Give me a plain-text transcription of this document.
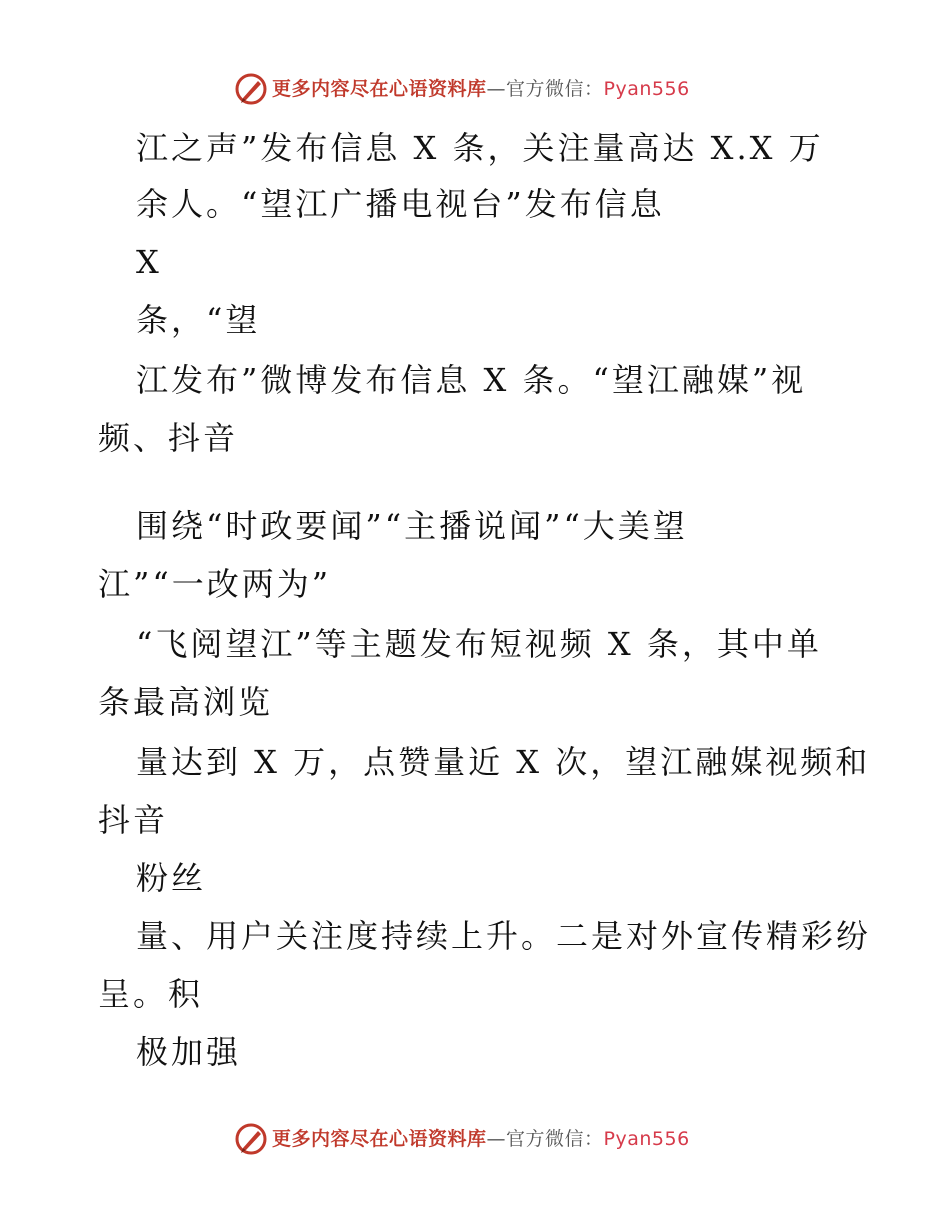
更多内容尽在心语资料库—官方微信：Pyan556
江之声”发布信息 X 条，关注量高达 X.X 万
余人。“望江广播电视台”发布信息
X
条，“望
江发布”微博发布信息 X 条。“望江融媒”视
频、抖音
围绕“时政要闻”“主播说闻”“大美望
江”“一改两为”
“飞阅望江”等主题发布短视频 X 条，其中单
条最高浏览
量达到 X 万，点赞量近 X 次，望江融媒视频和
抖音
粉丝
量、用户关注度持续上升。二是对外宣传精彩纷
呈。积
极加强
更多内容尽在心语资料库—官方微信：Pyan556
